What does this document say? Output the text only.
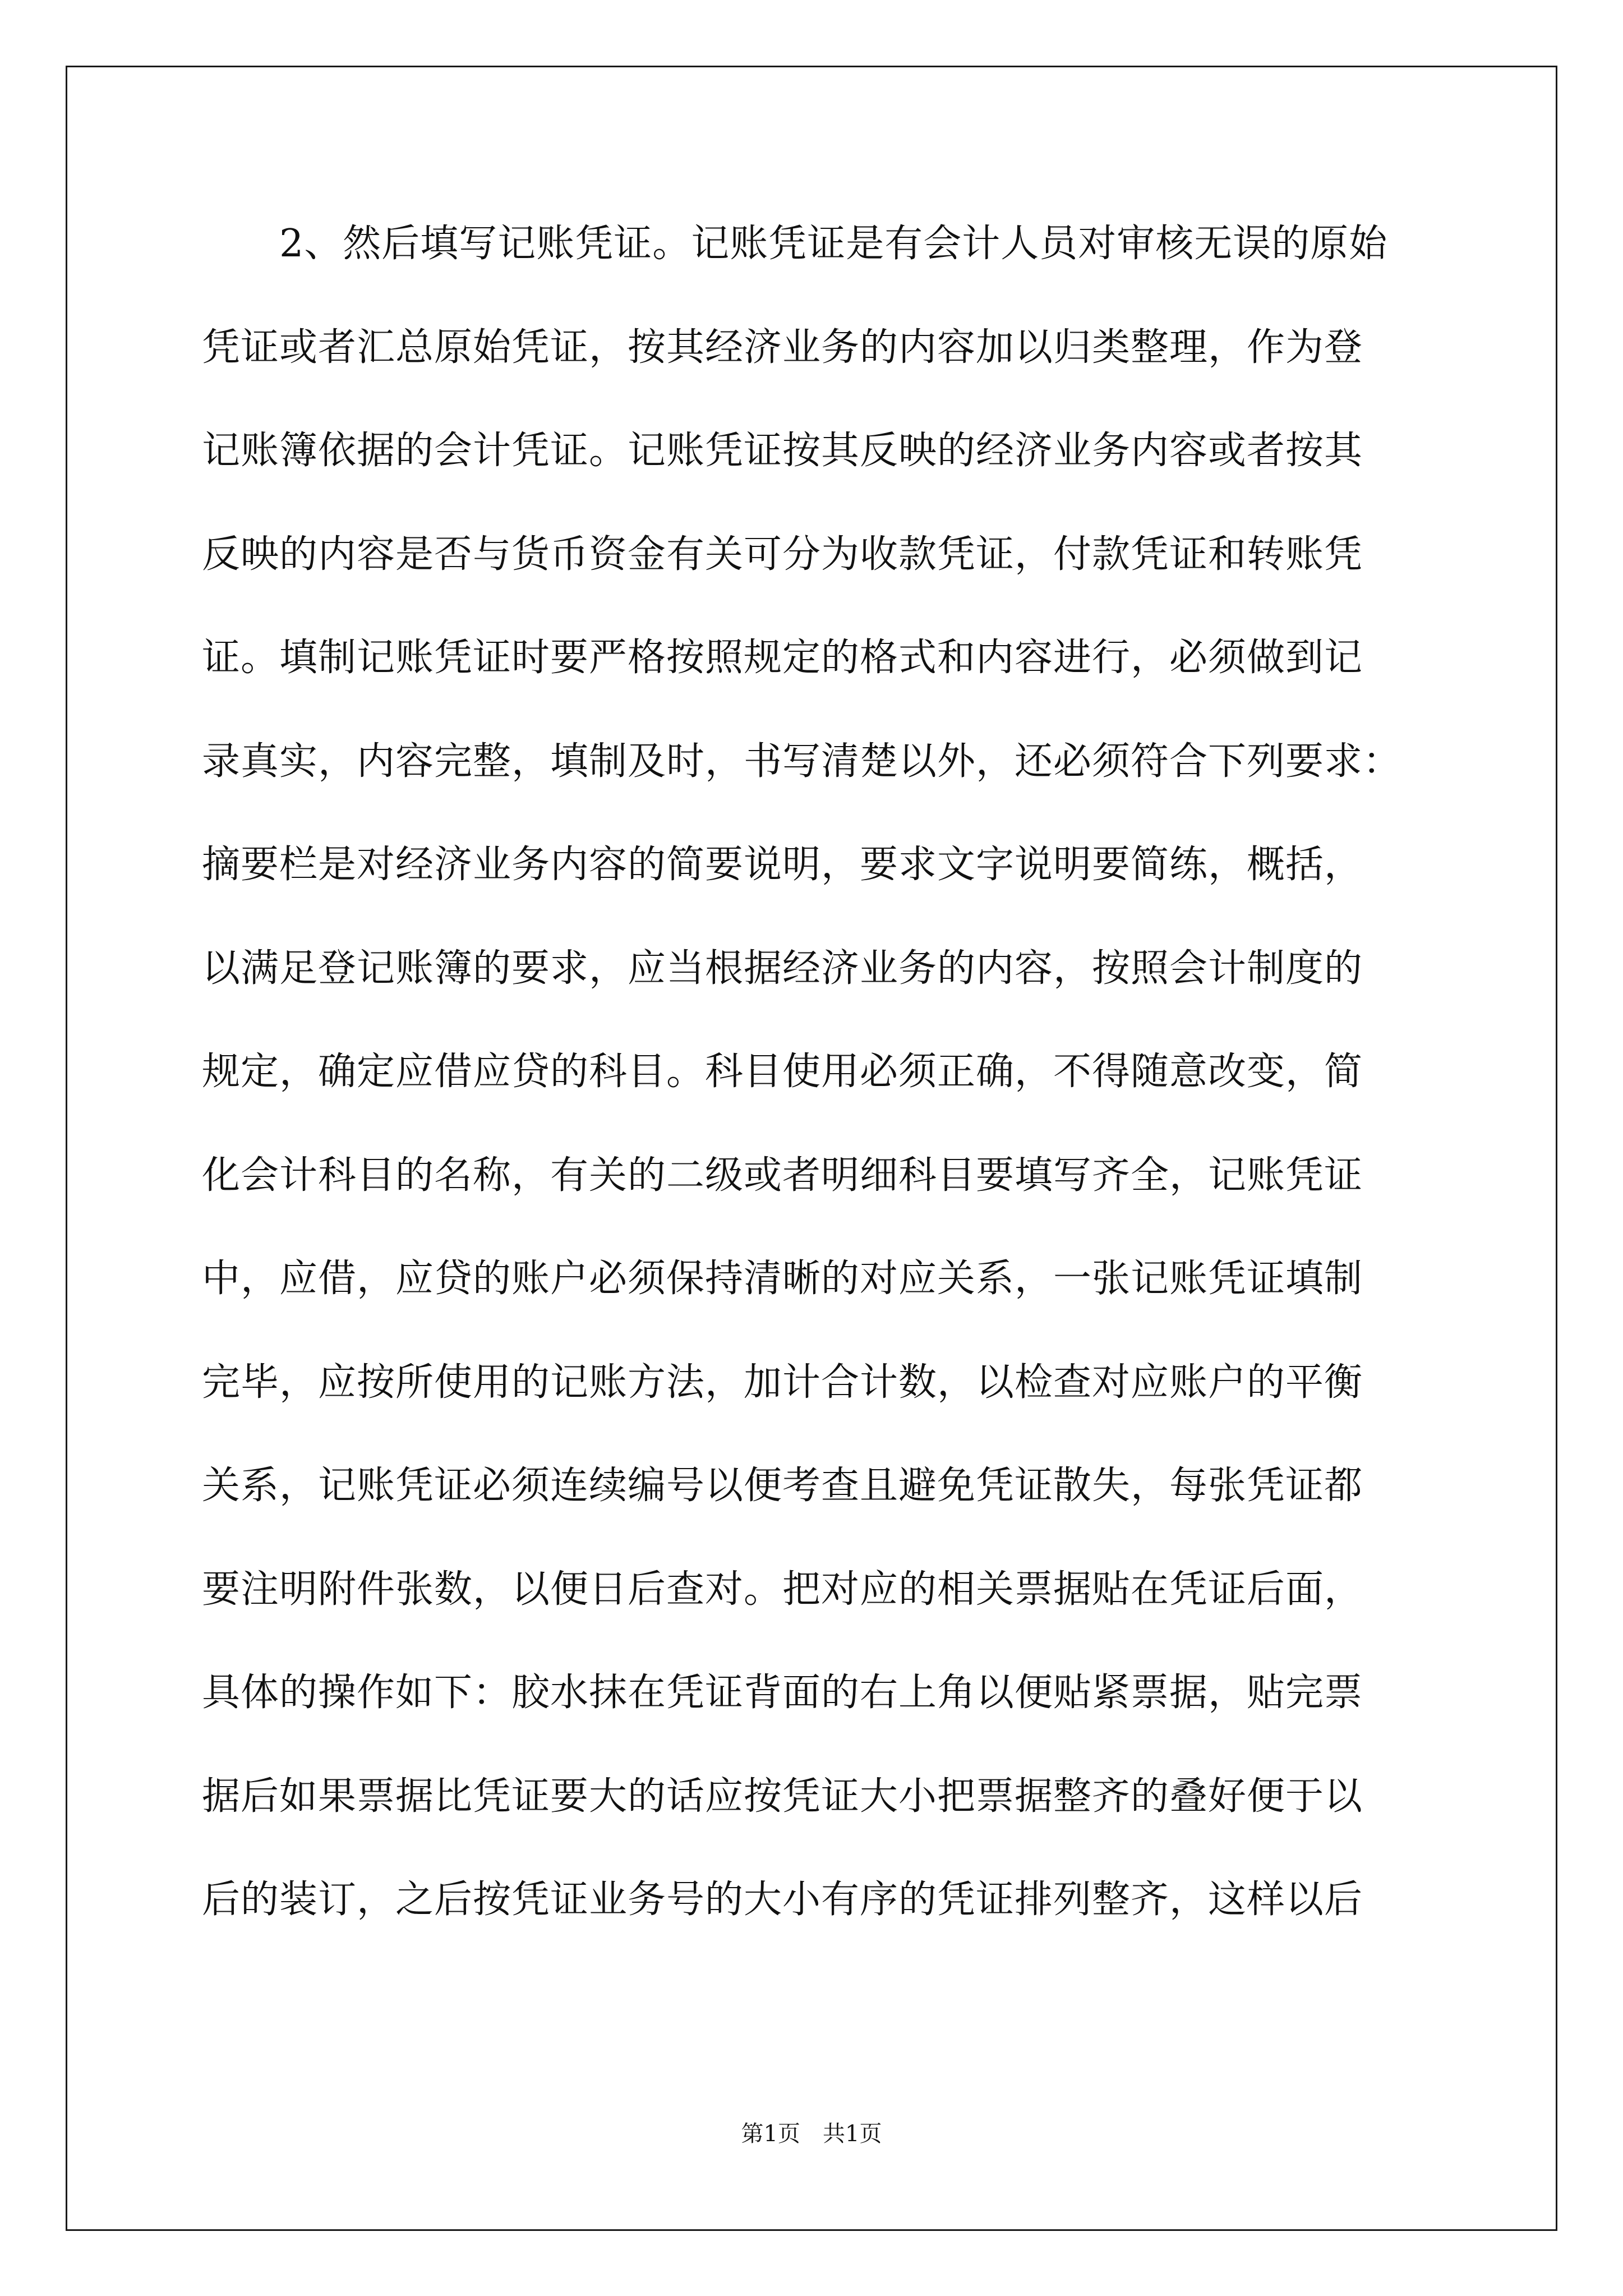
2、然后填写记账凭证。记账凭证是有会计人员对审核无误的原始
凭证或者汇总原始凭证，按其经济业务的内容加以归类整理，作为登
记账簿依据的会计凭证。记账凭证按其反映的经济业务内容或者按其
反映的内容是否与货币资金有关可分为收款凭证，付款凭证和转账凭
证。填制记账凭证时要严格按照规定的格式和内容进行，必须做到记
录真实，内容完整，填制及时，书写清楚以外，还必须符合下列要求：
摘要栏是对经济业务内容的简要说明，要求文字说明要简练，概括，
以满足登记账簿的要求，应当根据经济业务的内容，按照会计制度的
规定，确定应借应贷的科目。科目使用必须正确，不得随意改变，简
化会计科目的名称，有关的二级或者明细科目要填写齐全，记账凭证
中，应借，应贷的账户必须保持清晰的对应关系，一张记账凭证填制
完毕，应按所使用的记账方法，加计合计数，以检查对应账户的平衡
关系，记账凭证必须连续编号以便考查且避免凭证散失，每张凭证都
要注明附件张数，以便日后查对。把对应的相关票据贴在凭证后面，
具体的操作如下：胶水抹在凭证背面的右上角以便贴紧票据，贴完票
据后如果票据比凭证要大的话应按凭证大小把票据整齐的叠好便于以
后的装订，之后按凭证业务号的大小有序的凭证排列整齐，这样以后
第1页　共1页
